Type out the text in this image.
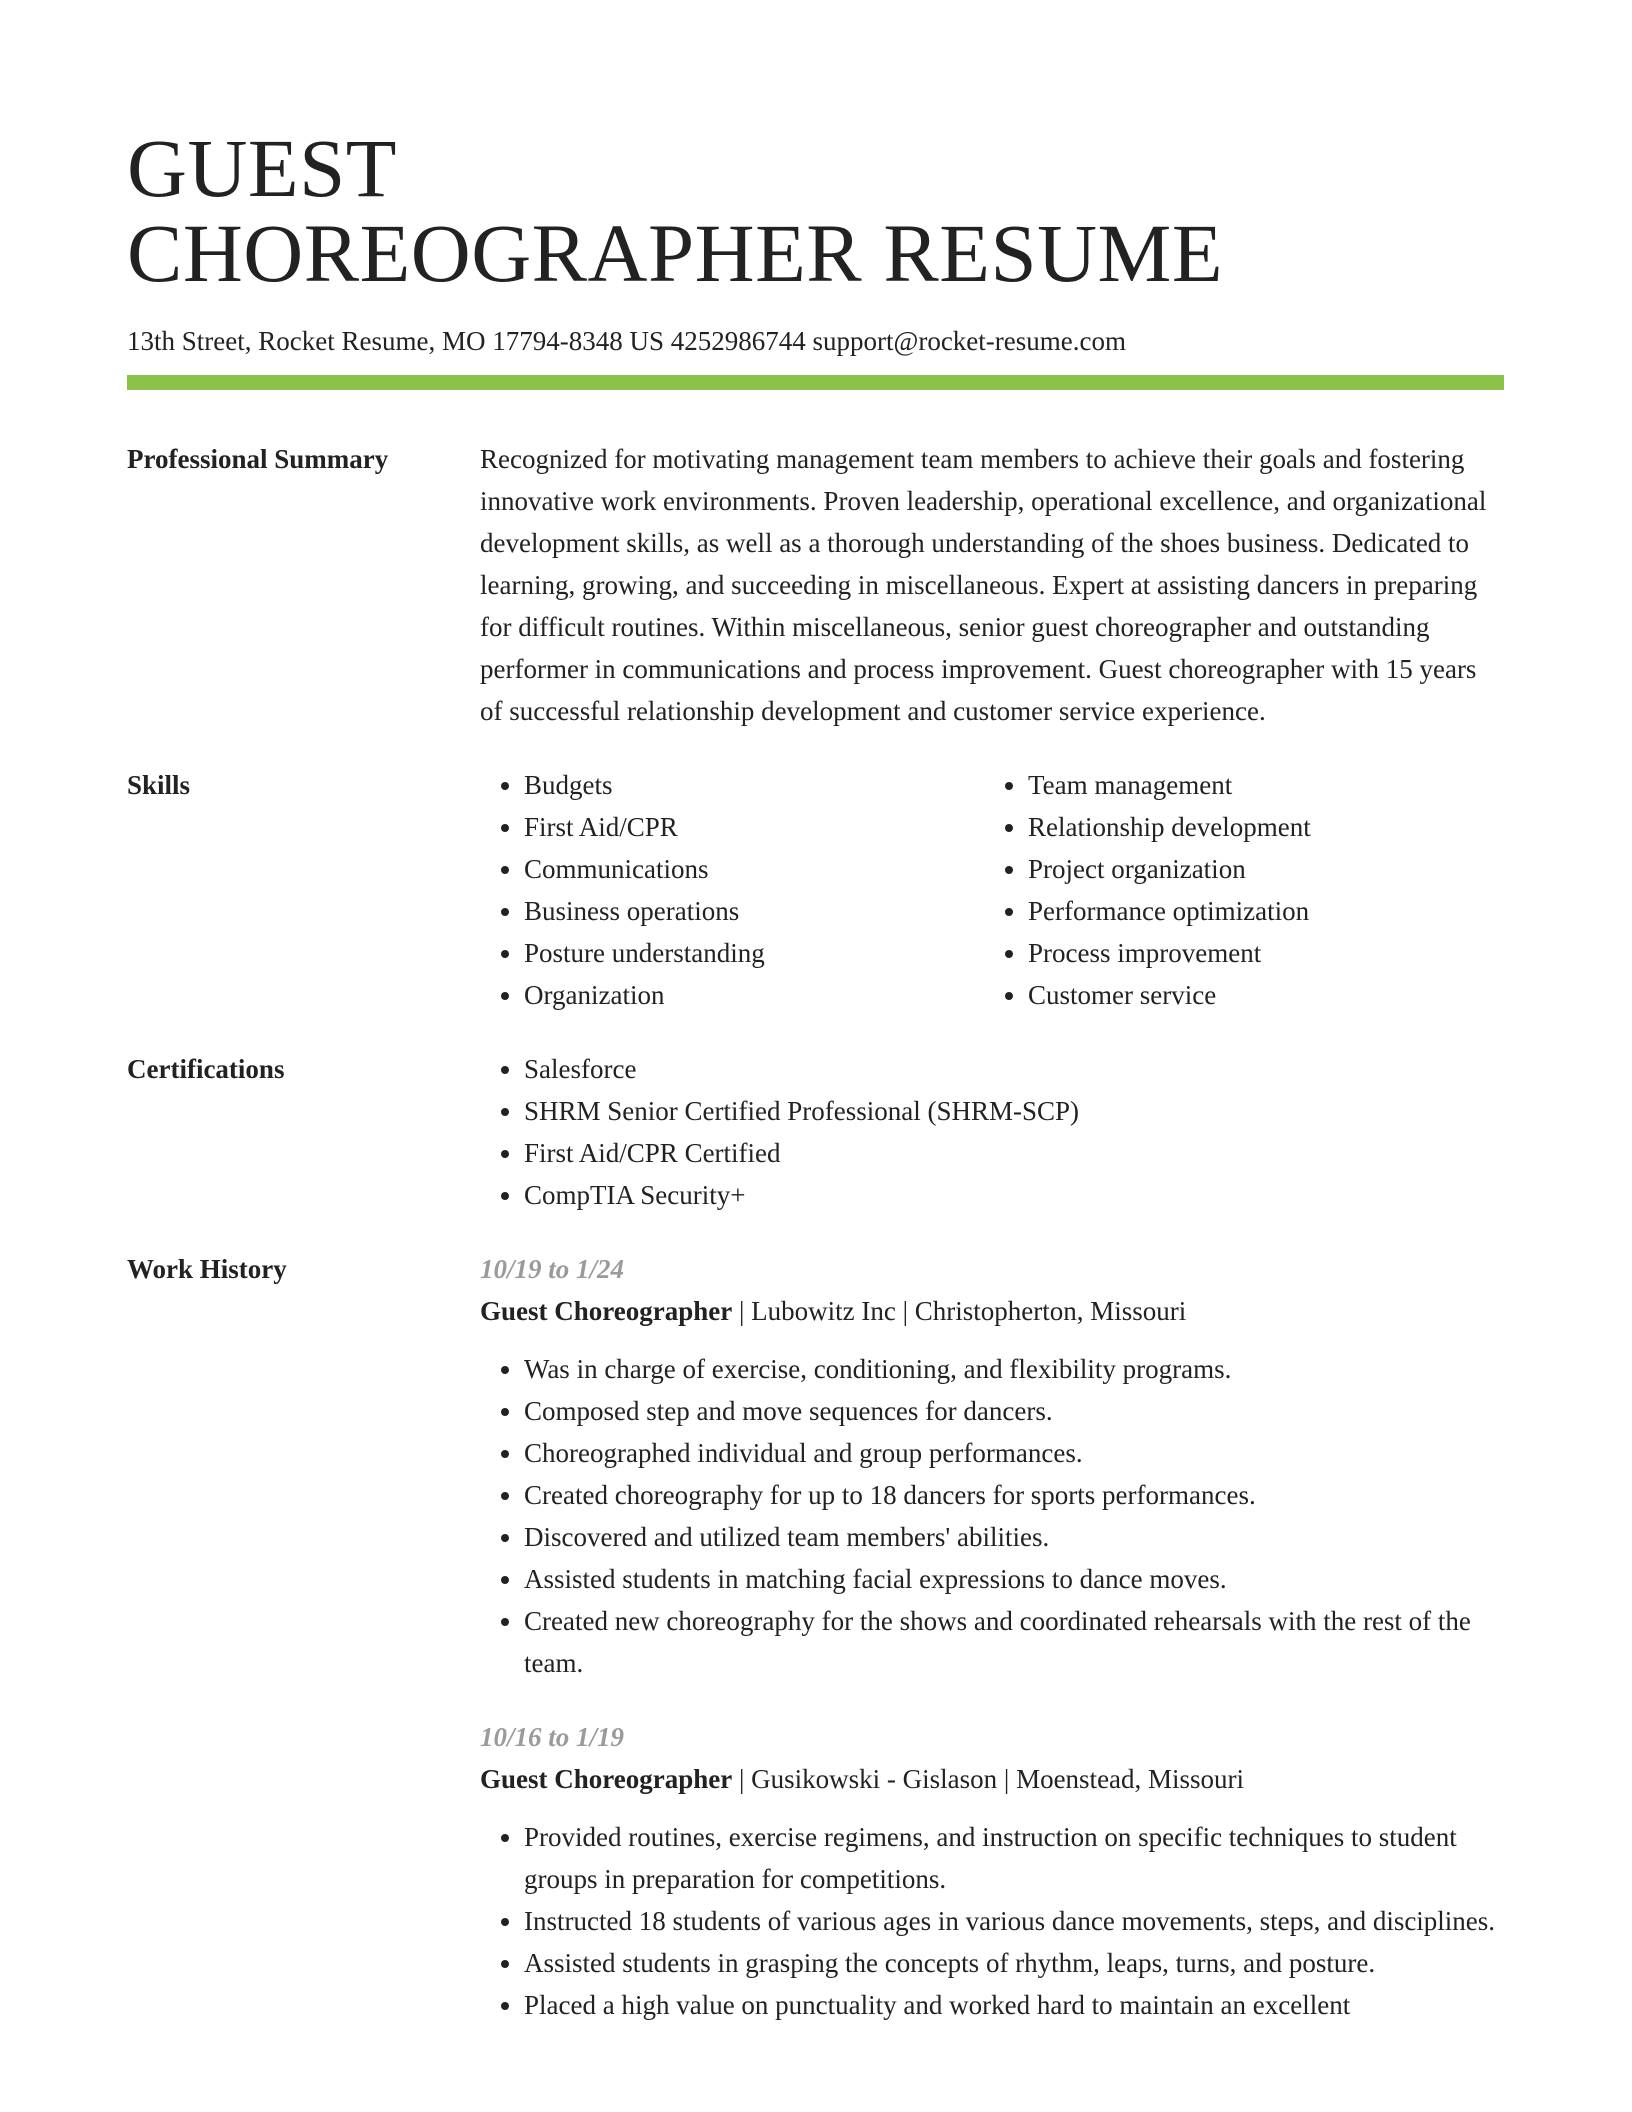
GUEST
CHOREOGRAPHER RESUME
13th Street, Rocket Resume, MO 17794-8348 US 4252986744 support@rocket-resume.com
Professional Summary	Recognized for motivating management team members to achieve their goals and fostering innovative work environments. Proven leadership, operational excellence, and organizational development skills, as well as a thorough understanding of the shoes business. Dedicated to learning, growing, and succeeding in miscellaneous. Expert at assisting dancers in preparing for difficult routines. Within miscellaneous, senior guest choreographer and outstanding performer in communications and process improvement. Guest choreographer with 15 years of successful relationship development and customer service experience.
Skills	• Budgets
• First Aid/CPR
• Communications
• Business operations
• Posture understanding
• Organization
• Team management
• Relationship development
• Project organization
• Performance optimization
• Process improvement
• Customer service
Certifications	• Salesforce
• SHRM Senior Certified Professional (SHRM-SCP)
• First Aid/CPR Certified
• CompTIA Security+
Work History	10/19 to 1/24
Guest Choreographer | Lubowitz Inc | Christopherton, Missouri
• Was in charge of exercise, conditioning, and flexibility programs.
• Composed step and move sequences for dancers.
• Choreographed individual and group performances.
• Created choreography for up to 18 dancers for sports performances.
• Discovered and utilized team members' abilities.
• Assisted students in matching facial expressions to dance moves.
• Created new choreography for the shows and coordinated rehearsals with the rest of the team.
10/16 to 1/19
Guest Choreographer | Gusikowski - Gislason | Moenstead, Missouri
• Provided routines, exercise regimens, and instruction on specific techniques to student groups in preparation for competitions.
• Instructed 18 students of various ages in various dance movements, steps, and disciplines.
• Assisted students in grasping the concepts of rhythm, leaps, turns, and posture.
• Placed a high value on punctuality and worked hard to maintain an excellent
